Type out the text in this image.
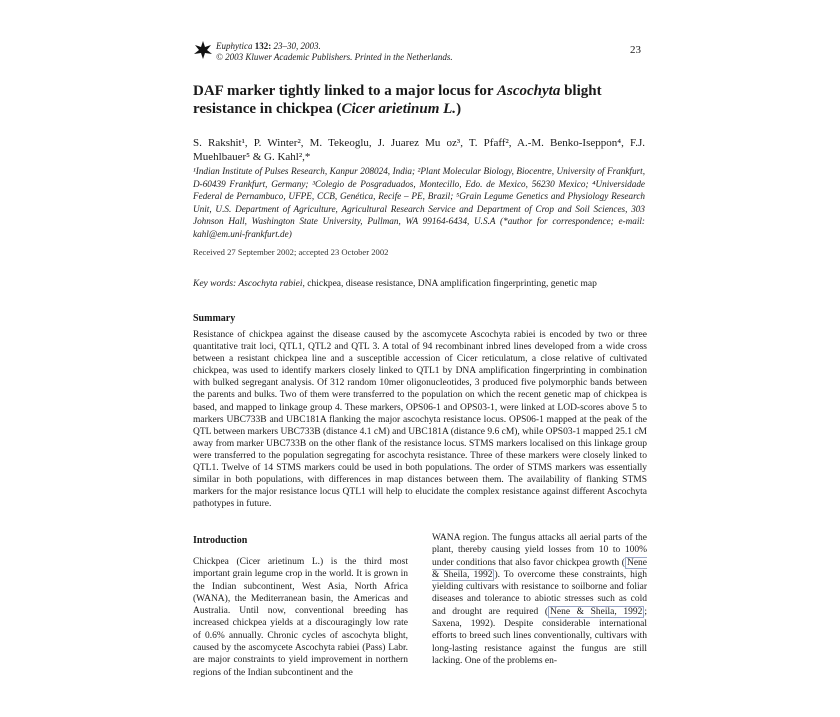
Euphytica 132: 23–30, 2003.
© 2003 Kluwer Academic Publishers. Printed in the Netherlands.
23
DAF marker tightly linked to a major locus for Ascochyta blight resistance in chickpea (Cicer arietinum L.)
S. Rakshit¹, P. Winter², M. Tekeoglu, J. Juarez Mu oz³, T. Pfaff², A.-M. Benko-Iseppon⁴, F.J. Muehlbauer⁵ & G. Kahl²,*
¹Indian Institute of Pulses Research, Kanpur 208024, India; ²Plant Molecular Biology, Biocentre, University of Frankfurt, D-60439 Frankfurt, Germany; ³Colegio de Posgraduados, Montecillo, Edo. de Mexico, 56230 Mexico; ⁴Universidade Federal de Pernambuco, UFPE, CCB, Genética, Recife – PE, Brazil; ⁵Grain Legume Genetics and Physiology Research Unit, U.S. Department of Agriculture, Agricultural Research Service and Department of Crop and Soil Sciences, 303 Johnson Hall, Washington State University, Pullman, WA 99164-6434, U.S.A (*author for correspondence; e-mail: kahl@em.uni-frankfurt.de)
Received 27 September 2002; accepted 23 October 2002
Key words: Ascochyta rabiei, chickpea, disease resistance, DNA amplification fingerprinting, genetic map
Summary
Resistance of chickpea against the disease caused by the ascomycete Ascochyta rabiei is encoded by two or three quantitative trait loci, QTL1, QTL2 and QTL 3. A total of 94 recombinant inbred lines developed from a wide cross between a resistant chickpea line and a susceptible accession of Cicer reticulatum, a close relative of cultivated chickpea, was used to identify markers closely linked to QTL1 by DNA amplification fingerprinting in combination with bulked segregant analysis. Of 312 random 10mer oligonucleotides, 3 produced five polymorphic bands between the parents and bulks. Two of them were transferred to the population on which the recent genetic map of chickpea is based, and mapped to linkage group 4. These markers, OPS06-1 and OPS03-1, were linked at LOD-scores above 5 to markers UBC733B and UBC181A flanking the major ascochyta resistance locus. OPS06-1 mapped at the peak of the QTL between markers UBC733B (distance 4.1 cM) and UBC181A (distance 9.6 cM), while OPS03-1 mapped 25.1 cM away from marker UBC733B on the other flank of the resistance locus. STMS markers localised on this linkage group were transferred to the population segregating for ascochyta resistance. Three of these markers were closely linked to QTL1. Twelve of 14 STMS markers could be used in both populations. The order of STMS markers was essentially similar in both populations, with differences in map distances between them. The availability of flanking STMS markers for the major resistance locus QTL1 will help to elucidate the complex resistance against different Ascochyta pathotypes in future.
Introduction
Chickpea (Cicer arietinum L.) is the third most important grain legume crop in the world. It is grown in the Indian subcontinent, West Asia, North Africa (WANA), the Mediterranean basin, the Americas and Australia. Until now, conventional breeding has increased chickpea yields at a discouragingly low rate of 0.6% annually. Chronic cycles of ascochyta blight, caused by the ascomycete Ascochyta rabiei (Pass) Labr. are major constraints to yield improvement in northern regions of the Indian subcontinent and the
WANA region. The fungus attacks all aerial parts of the plant, thereby causing yield losses from 10 to 100% under conditions that also favor chickpea growth ( Nene & Sheila, 1992 ). To overcome these constraints, high yielding cultivars with resistance to soilborne and foliar diseases and tolerance to abiotic stresses such as cold and drought are required ( Nene & Sheila, 1992 ; Saxena, 1992). Despite considerable international efforts to breed such lines conventionally, cultivars with long-lasting resistance against the fungus are still lacking. One of the problems en-
